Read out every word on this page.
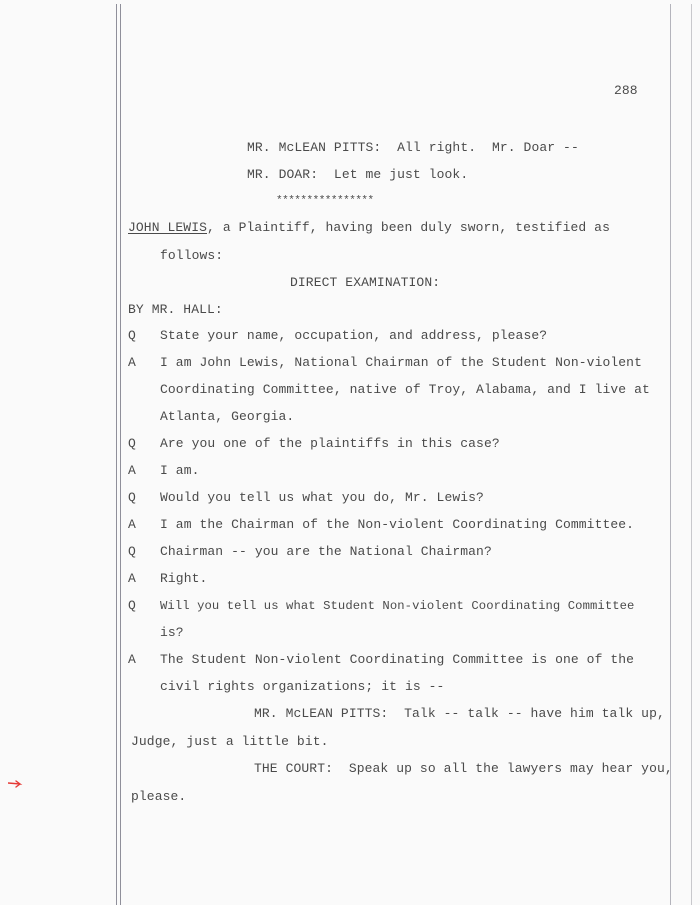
288
MR. McLEAN PITTS:  All right.  Mr. Doar --
MR. DOAR:  Let me just look.
****************
JOHN LEWIS, a Plaintiff, having been duly sworn, testified as
follows:
DIRECT EXAMINATION:
BY MR. HALL:
Q State your name, occupation, and address, please?
A I am John Lewis, National Chairman of the Student Non-violent
Coordinating Committee, native of Troy, Alabama, and I live at
Atlanta, Georgia.
Q Are you one of the plaintiffs in this case?
A I am.
Q Would you tell us what you do, Mr. Lewis?
A I am the Chairman of the Non-violent Coordinating Committee.
Q Chairman -- you are the National Chairman?
A Right.
Q Will you tell us what Student Non-violent Coordinating Committee
is?
A The Student Non-violent Coordinating Committee is one of the
civil rights organizations; it is --
MR. McLEAN PITTS:  Talk -- talk -- have him talk up,
Judge, just a little bit.
THE COURT:  Speak up so all the lawyers may hear you,
please.
